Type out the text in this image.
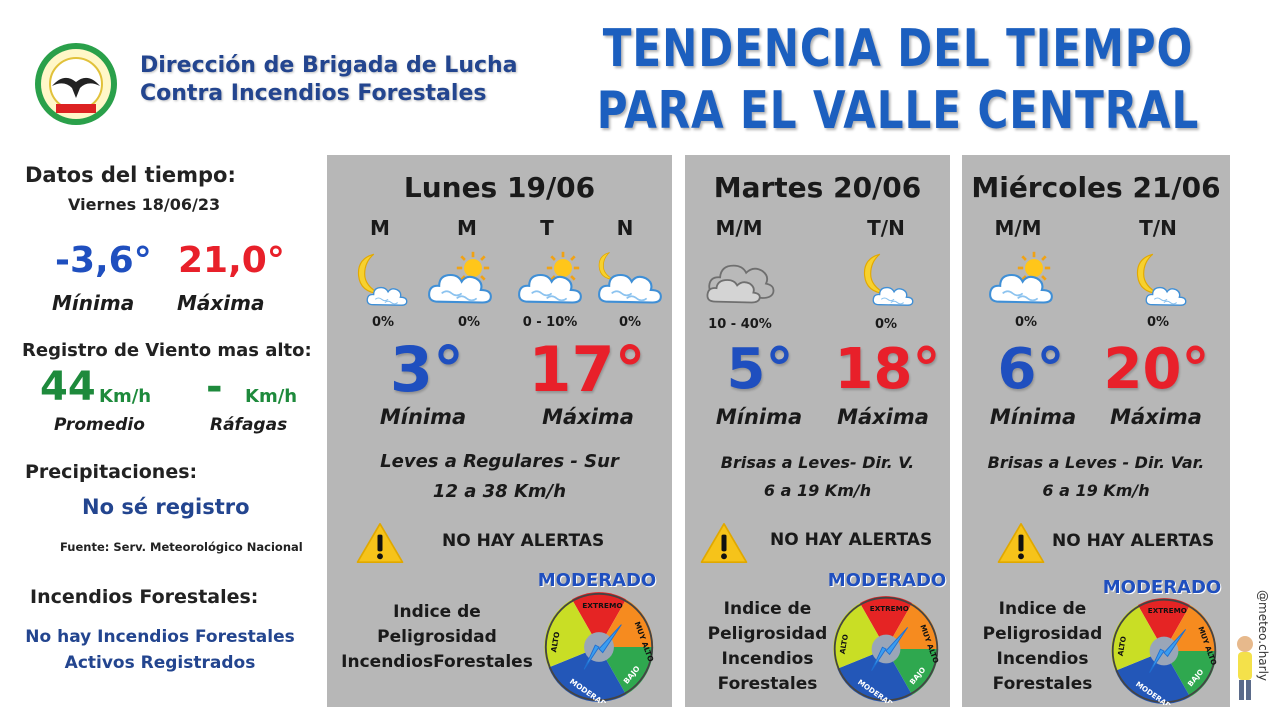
Dirección de Brigada de Lucha
Contra Incendios Forestales
TENDENCIA DEL TIEMPO
PARA EL VALLE CENTRAL
Datos del tiempo:
Viernes 18/06/23
-3,6° 21,0°
Mínima Máxima
Registro de Viento mas alto:
44 Km/h - Km/h
Promedio	Ráfagas
Precipitaciones:
No sé registro
Fuente: Serv. Meteorológico Nacional
Incendios Forestales:
No hay Incendios Forestales
Activos Registrados
Lunes 19/06
M	M	T	N
0%	0%	0 - 10%	0%
3°	17°
Mínima	Máxima
Leves a Regulares - Sur
12 a 38 Km/h
NO HAY ALERTAS
MODERADO
Indice de Peligrosidad
IncendiosForestales
Martes 20/06
M/M	T/N
10 - 40%	0%
5° 18°
Mínima	Máxima
Brisas a Leves- Dir. V.
6 a 19 Km/h
NO HAY ALERTAS
MODERADO
Indice de
Peligrosidad
Incendios
Forestales
Miércoles 21/06
M/M	T/N
0%	0%
6° 20°
Mínima	Máxima
Brisas a Leves - Dir. Var.
6 a 19 Km/h
NO HAY ALERTAS
MODERADO
Indice de
Peligrosidad
Incendios
Forestales
@meteo.charly
